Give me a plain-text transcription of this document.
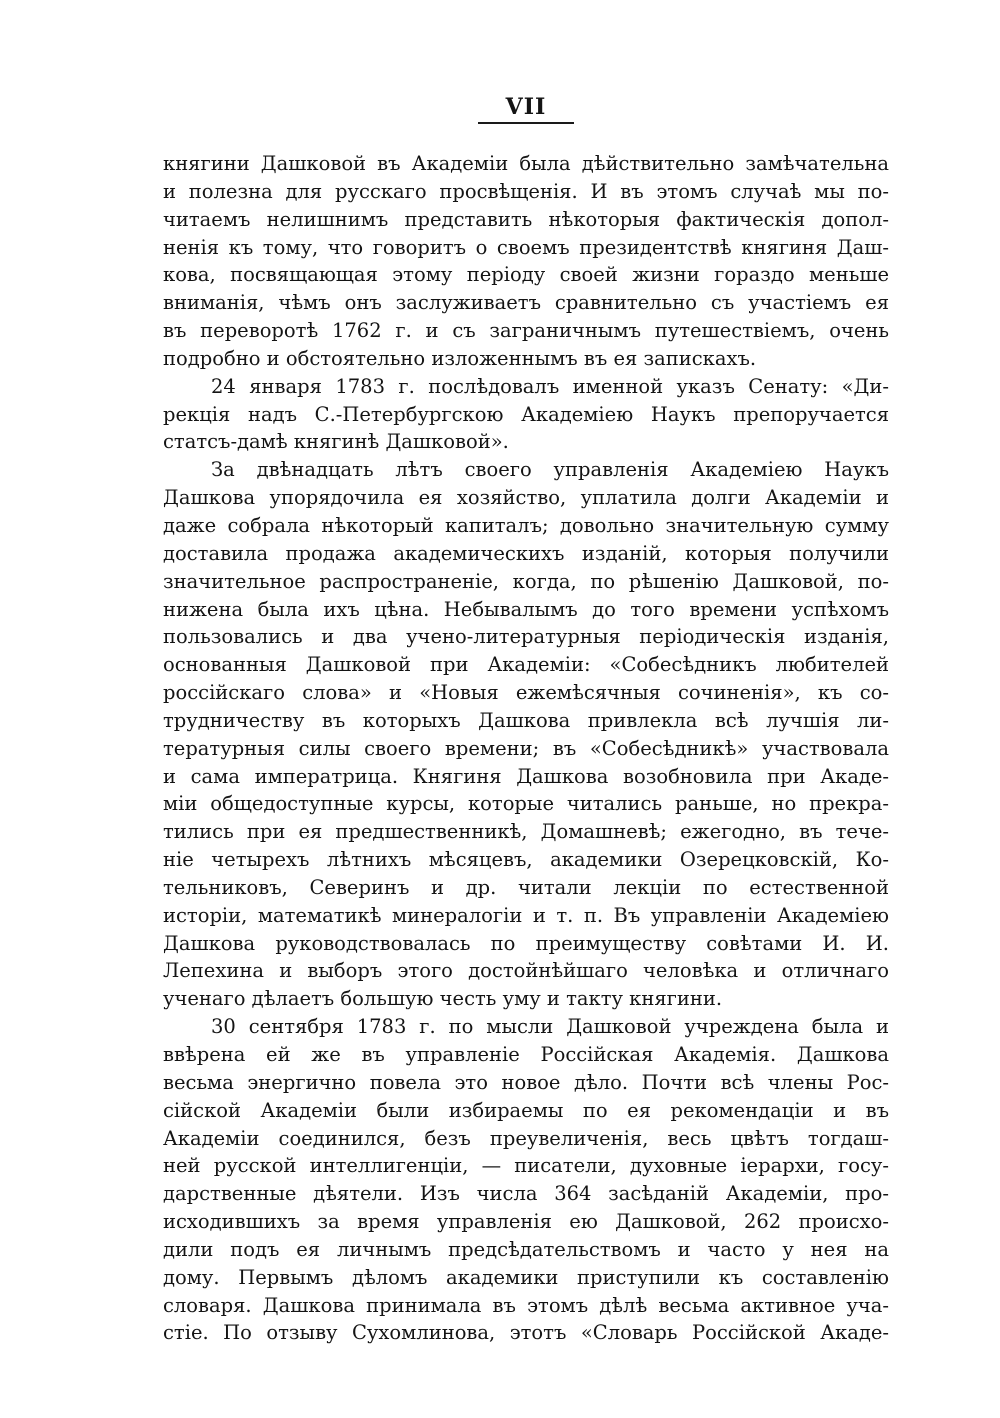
VII
княгини Дашковой въ Академіи была дѣйствительно замѣчательна
и полезна для русскаго просвѣщенія. И въ этомъ случаѣ мы по-
читаемъ нелишнимъ представить нѣкоторыя фактическія допол-
ненія къ тому, что говоритъ о своемъ президентствѣ княгиня Даш-
кова, посвящающая этому періоду своей жизни гораздо меньше
вниманія, чѣмъ онъ заслуживаетъ сравнительно съ участіемъ ея
въ переворотѣ 1762 г. и съ заграничнымъ путешествіемъ, очень
подробно и обстоятельно изложеннымъ въ ея запискахъ.
24 января 1783 г. послѣдовалъ именной указъ Сенату: «Ди-
рекція надъ С.-Петербургскою Академіею Наукъ препоручается
статсъ-дамѣ княгинѣ Дашковой».
За двѣнадцать лѣтъ своего управленія Академіею Наукъ
Дашкова упорядочила ея хозяйство, уплатила долги Академіи и
даже собрала нѣкоторый капиталъ; довольно значительную сумму
доставила продажа академическихъ изданій, которыя получили
значительное распространеніе, когда, по рѣшенію Дашковой, по-
нижена была ихъ цѣна. Небывалымъ до того времени успѣхомъ
пользовались и два учено-литературныя періодическія изданія,
основанныя Дашковой при Академіи: «Собесѣдникъ любителей
россійскаго слова» и «Новыя ежемѣсячныя сочиненія», къ со-
трудничеству въ которыхъ Дашкова привлекла всѣ лучшія ли-
тературныя силы своего времени; въ «Собесѣдникѣ» участвовала
и сама императрица. Княгиня Дашкова возобновила при Акаде-
міи общедоступные курсы, которые читались раньше, но прекра-
тились при ея предшественникѣ, Домашневѣ; ежегодно, въ тече-
ніе четырехъ лѣтнихъ мѣсяцевъ, академики Озерецковскій, Ко-
тельниковъ, Северинъ и др. читали лекціи по естественной
исторіи, математикѣ минералогіи и т. п. Въ управленіи Академіею
Дашкова руководствовалась по преимуществу совѣтами И. И.
Лепехина и выборъ этого достойнѣйшаго человѣка и отличнаго
ученаго дѣлаетъ большую честь уму и такту княгини.
30 сентября 1783 г. по мысли Дашковой учреждена была и
ввѣрена ей же въ управленіе Россійская Академія. Дашкова
весьма энергично повела это новое дѣло. Почти всѣ члены Рос-
сійской Академіи были избираемы по ея рекомендаціи и въ
Академіи соединился, безъ преувеличенія, весь цвѣтъ тогдаш-
ней русской интеллигенціи, — писатели, духовные іерархи, госу-
дарственные дѣятели. Изъ числа 364 засѣданій Академіи, про-
исходившихъ за время управленія ею Дашковой, 262 происхо-
дили подъ ея личнымъ предсѣдательствомъ и часто у нея на
дому. Первымъ дѣломъ академики приступили къ составленію
словаря. Дашкова принимала въ этомъ дѣлѣ весьма активное уча-
стіе. По отзыву Сухомлинова, этотъ «Словарь Россійской Акаде-
